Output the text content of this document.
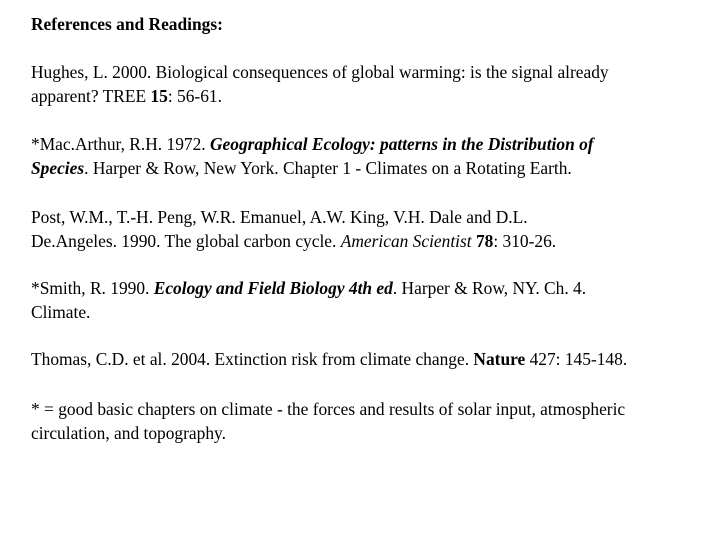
References and Readings:

Hughes, L. 2000. Biological consequences of global warming: is the signal already
apparent? TREE 15: 56-61.

*Mac.Arthur, R.H. 1972. Geographical Ecology: patterns in the Distribution of
Species. Harper & Row, New York. Chapter 1 - Climates on a Rotating Earth.

Post, W.M., T.-H. Peng, W.R. Emanuel, A.W. King, V.H. Dale and D.L.
De.Angeles. 1990. The global carbon cycle. American Scientist 78: 310-26.

*Smith, R. 1990. Ecology and Field Biology 4th ed. Harper & Row, NY. Ch. 4.
Climate.

Thomas, C.D. et al. 2004. Extinction risk from climate change. Nature 427: 145-148.

* = good basic chapters on climate - the forces and results of solar input, atmospheric
circulation, and topography.
